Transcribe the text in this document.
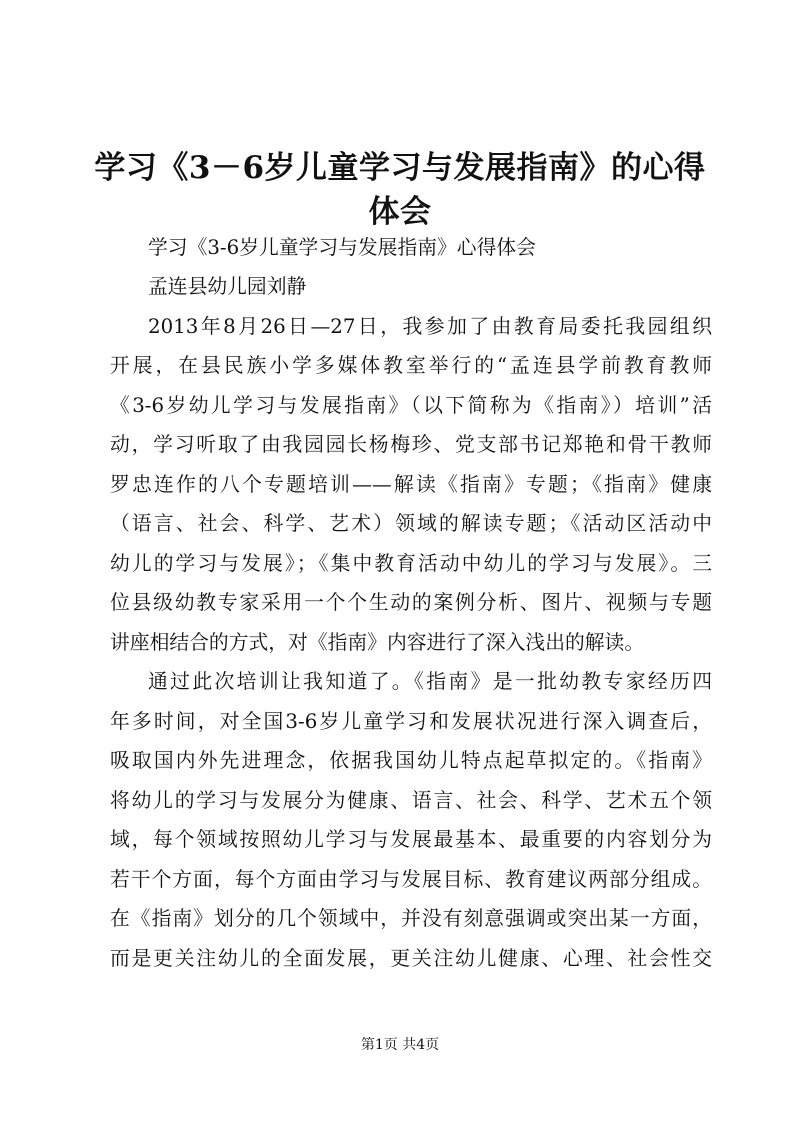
学习《3－6岁儿童学习与发展指南》的心得
体会
学习《3-6岁儿童学习与发展指南》心得体会
孟连县幼儿园刘静
2013年8月26日—27日，我参加了由教育局委托我园组织
开展，在县民族小学多媒体教室举行的“孟连县学前教育教师
《3-6岁幼儿学习与发展指南》（以下简称为《指南》）培训”活
动，学习听取了由我园园长杨梅珍、党支部书记郑艳和骨干教师
罗忠连作的八个专题培训——解读《指南》专题；《指南》健康
（语言、社会、科学、艺术）领域的解读专题；《活动区活动中
幼儿的学习与发展》；《集中教育活动中幼儿的学习与发展》。三
位县级幼教专家采用一个个生动的案例分析、图片、视频与专题
讲座相结合的方式，对《指南》内容进行了深入浅出的解读。
通过此次培训让我知道了。《指南》是一批幼教专家经历四
年多时间，对全国3-6岁儿童学习和发展状况进行深入调查后，
吸取国内外先进理念，依据我国幼儿特点起草拟定的。《指南》
将幼儿的学习与发展分为健康、语言、社会、科学、艺术五个领
域，每个领域按照幼儿学习与发展最基本、最重要的内容划分为
若干个方面，每个方面由学习与发展目标、教育建议两部分组成。
在《指南》划分的几个领域中，并没有刻意强调或突出某一方面，
而是更关注幼儿的全面发展，更关注幼儿健康、心理、社会性交
第1页 共4页
